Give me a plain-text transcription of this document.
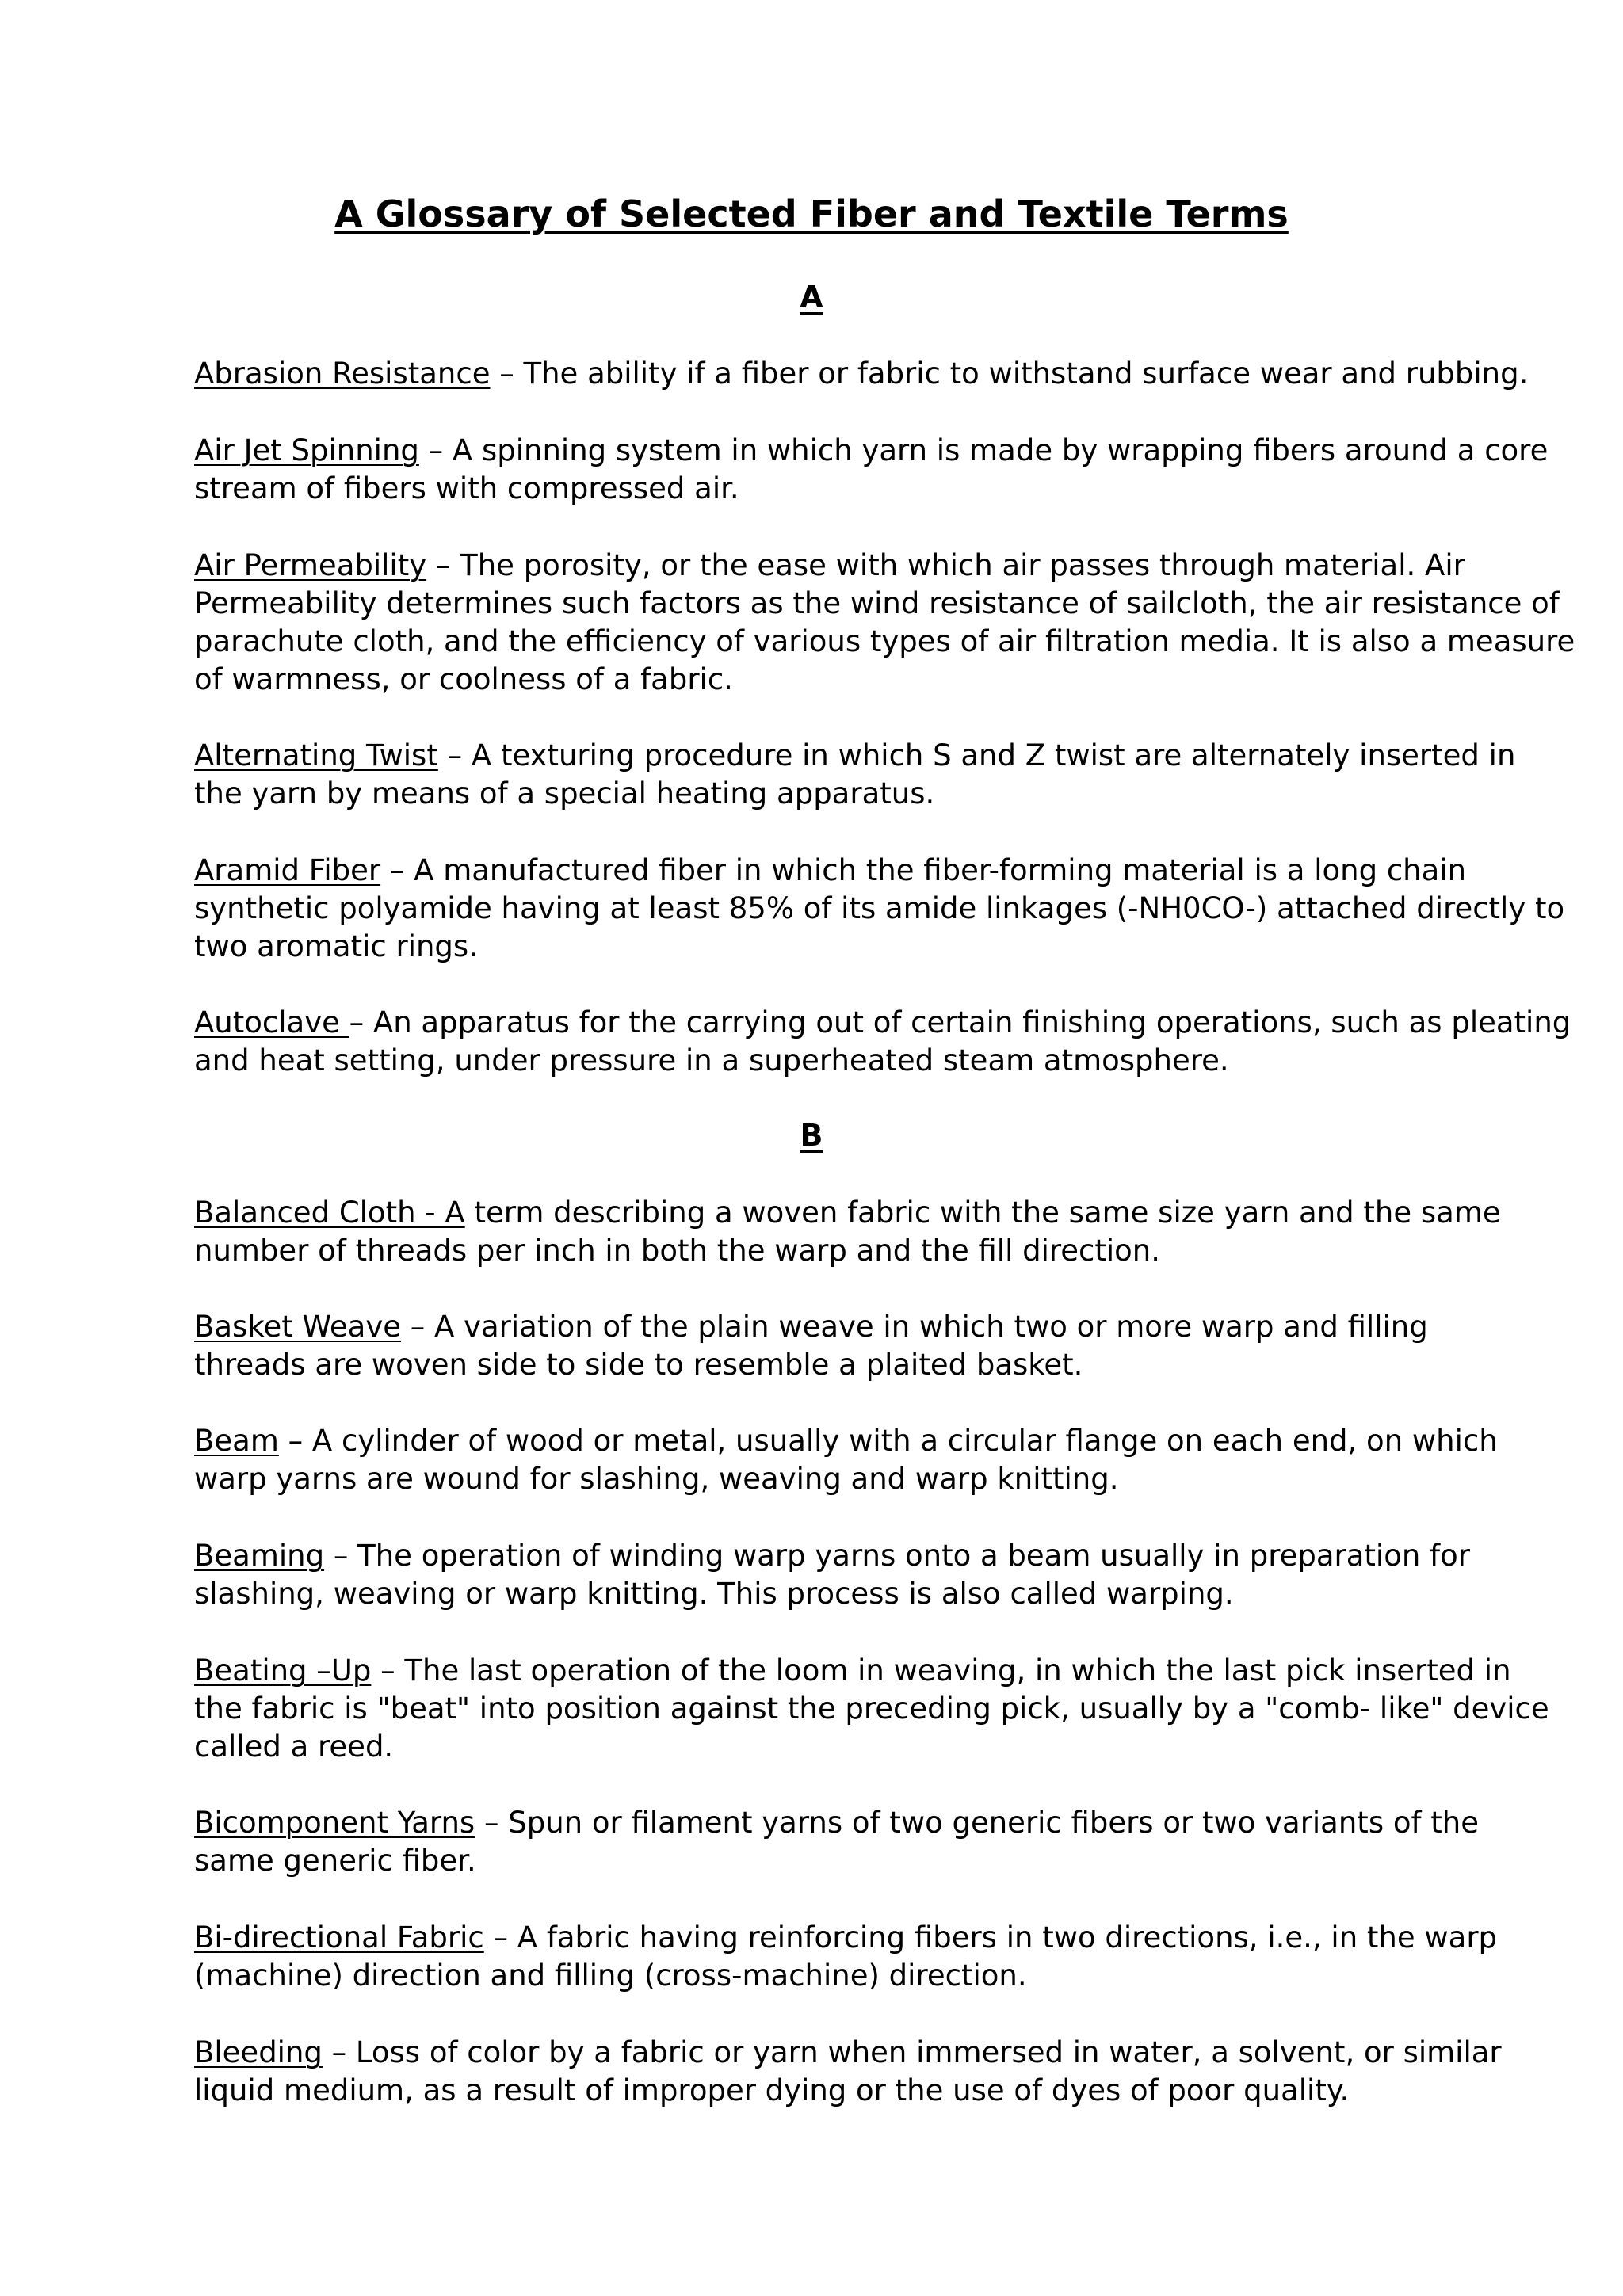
A Glossary of Selected Fiber and Textile Terms
A

Abrasion Resistance – The ability if a fiber or fabric to withstand surface wear and rubbing.

Air Jet Spinning – A spinning system in which yarn is made by wrapping fibers around a core
stream of fibers with compressed air.

Air Permeability – The porosity, or the ease with which air passes through material. Air
Permeability determines such factors as the wind resistance of sailcloth, the air resistance of
parachute cloth, and the efficiency of various types of air filtration media. It is also a measure
of warmness, or coolness of a fabric.

Alternating Twist – A texturing procedure in which S and Z twist are alternately inserted in
the yarn by means of a special heating apparatus.

Aramid Fiber – A manufactured fiber in which the fiber-forming material is a long chain
synthetic polyamide having at least 85% of its amide linkages (-NH0CO-) attached directly to
two aromatic rings.

Autoclave – An apparatus for the carrying out of certain finishing operations, such as pleating
and heat setting, under pressure in a superheated steam atmosphere.

B

Balanced Cloth - A term describing a woven fabric with the same size yarn and the same
number of threads per inch in both the warp and the fill direction.

Basket Weave – A variation of the plain weave in which two or more warp and filling
threads are woven side to side to resemble a plaited basket.

Beam – A cylinder of wood or metal, usually with a circular flange on each end, on which
warp yarns are wound for slashing, weaving and warp knitting.

Beaming – The operation of winding warp yarns onto a beam usually in preparation for
slashing, weaving or warp knitting. This process is also called warping.

Beating –Up – The last operation of the loom in weaving, in which the last pick inserted in
the fabric is "beat" into position against the preceding pick, usually by a "comb- like" device
called a reed.

Bicomponent Yarns – Spun or filament yarns of two generic fibers or two variants of the
same generic fiber.

Bi-directional Fabric – A fabric having reinforcing fibers in two directions, i.e., in the warp
(machine) direction and filling (cross-machine) direction.

Bleeding – Loss of color by a fabric or yarn when immersed in water, a solvent, or similar
liquid medium, as a result of improper dying or the use of dyes of poor quality.
